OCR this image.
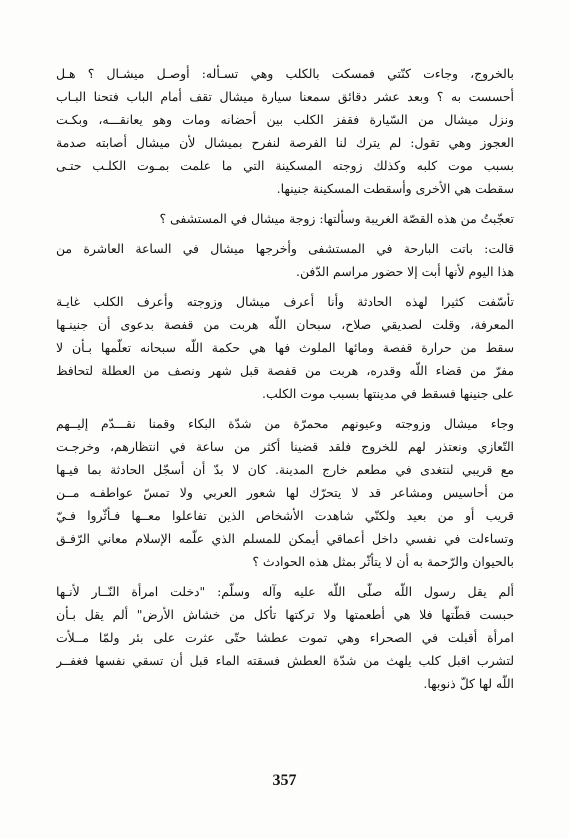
بالخروج، وجاءت كنّتي فمسكت بالكلب وهي تسـأله: أوصـل ميشـال ؟ هـل
أحسست به ؟ وبعد عشر دقائق سمعنا سيارة ميشال تقف أمام الباب فتحنا البـاب
ونزل ميشال من السّيارة فقفز الكلب بين أحضانه ومات وهو يعانقـــه، وبكـت
العجوز وهي تقول: لم يترك لنا الفرصة لنفرح بميشال لأن ميشال أصابته صدمة
بسبب موت كلبه وكذلك زوجته المسكينة التي ما علمت بمـوت الكلـب حتـى
سقطت هي الأخرى وأسقطت المسكينة جنينها.
تعجّبتُ من هذه القصّة الغريبة وسألتها: زوجة ميشال في المستشفى ؟
قالت: باتت البارحة في المستشفى وأخرجها ميشال في الساعة العاشرة من
هذا اليوم لأنها أبت إلا حضور مراسم الدّفن.
تأسّفت كثيرا لهذه الحادثة وأنا أعرف ميشال وزوجته وأعرف الكلب غايـة
المعرفة، وقلت لصديقي صلاح، سبحان اللّه هربت من قفصة بدعوى أن جنينـها
سقط من حرارة قفصة ومائها الملوث فها هي حكمة اللّه سبحانه تعلّمها بـأن لا
مفرّ من قضاء اللّه وقدره، هربت من قفصة قبل شهر ونصف من العطلة لتحافظ
على جنينها فسقط في مدينتها بسبب موت الكلب.
وجاء ميشال وزوجته وعيونهم محمرّة من شدّة البكاء وقمنا نقـــدّم إليــهم
التّعازي ونعتذر لهم للخروج فلقد قضينا أكثر من ساعة في انتظارهم، وخرجـت
مع قريبي لنتغدى في مطعم خارج المدينة. كان لا بدّ أن أسجّل الحادثة بما فيـها
من أحاسيس ومشاعر قد لا يتحرّك لها شعور العربي ولا تمسّ عواطفـه مــن
قريب أو من بعيد ولكنّي شاهدت الأشخاص الذين تفاعلوا معــها فـأثّروا فـيّ
وتساءلت في نفسي داخل أعماقي أيمكن للمسلم الذي علّمه الإسلام معاني الرّفـق
بالحيوان والرّحمة به أن لا يتأثّر بمثل هذه الحوادث ؟
ألم يقل رسول اللّه صلّى اللّه عليه وآله وسلّم: "دخلت امرأة النّــار لأنـها
حبست قطّتها فلا هي أطعمتها ولا تركتها تأكل من خشاش الأرض" ألم يقل بـأن
امرأة أقبلت في الصحراء وهي تموت عطشا حتّى عثرت على بئر ولمّا مــلأت
لتشرب اقبل كلب يلهث من شدّة العطش فسقته الماء قبل أن تسقي نفسها فغفــر
اللّه لها كلّ ذنوبها.
357
